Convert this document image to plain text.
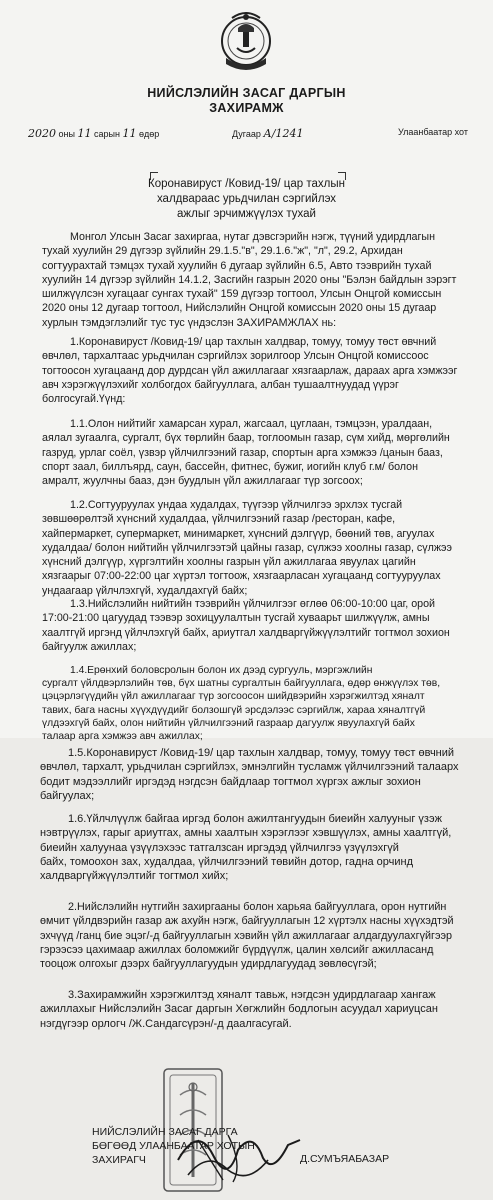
НИЙСЛЭЛИЙН ЗАСАГ ДАРГЫН
ЗАХИРАМЖ
2020 оны 11 сарын 11 өдөр	Дугаар А/1241	Улаанбаатар хот
Коронавируст /Ковид-19/ цар тахлын
халдвараас урьдчилан сэргийлэх
ажлыг эрчимжүүлэх тухай
Монгол Улсын Засаг захиргаа, нутаг дэвсгэрийн нэгж, түүний удирдлагын
тухай хуулийн 29 дүгээр зүйлийн 29.1.5."в", 29.1.6."ж", "л", 29.2, Архидан
согтуурахтай тэмцэх тухай хуулийн 6 дугаар зүйлийн 6.5, Авто тээврийн тухай
хуулийн 14 дүгээр зүйлийн 14.1.2, Засгийн газрын 2020 оны "Бэлэн байдлын зэрэгт
шилжүүлсэн хугацааг сунгах тухай" 159 дүгээр тогтоол, Улсын Онцгой комиссын
2020 оны 12 дугаар тогтоол, Нийслэлийн Онцгой комиссын 2020 оны 15 дугаар
хурлын тэмдэглэлийг тус тус үндэслэн ЗАХИРАМЖЛАХ нь:
1.Коронавируст /Ковид-19/ цар тахлын халдвар, томуу, томуу төст өвчний
өвчлөл, тархалтаас урьдчилан сэргийлэх зорилгоор Улсын Онцгой комиссоос
тогтоосон хугацаанд дор дурдсан үйл ажиллагааг хязгаарлаж, дараах арга хэмжээг
авч хэрэгжүүлэхийг холбогдох байгууллага, албан тушаалтнуудад үүрэг
болгосугай.Үүнд:
1.1.Олон нийтийг хамарсан хурал, жагсаал, цуглаан, тэмцээн, уралдаан,
аялал зугаалга, сургалт, бүх төрлийн баар, тоглоомын газар, сүм хийд, мөргөлийн
газруд, урлаг соёл, үзвэр үйлчилгээний газар, спортын арга хэмжээ /цанын бааз,
спорт заал, биллъярд, саун, бассейн, фитнес, бужиг, иогийн клуб г.м/ болон
амралт, жуулчны бааз, дэн буудлын үйл ажиллагааг түр зогсоох;
1.2.Согтууруулах ундаа худалдах, түүгээр үйлчилгээ эрхлэх тусгай
зөвшөөрөлтэй хүнсний худалдаа, үйлчилгээний газар /ресторан, кафе,
хайпермаркет, супермаркет, минимаркет, хүнсний дэлгүүр, бөөний төв, агуулах
худалдаа/ болон нийтийн үйлчилгээтэй цайны газар, сүлжээ хоолны газар, сүлжээ
хүнсний дэлгүүр, хүргэлтийн хоолны газрын үйл ажиллагаа явуулах цагийн
хязгаарыг 07:00-22:00 цаг хүртэл тогтоож, хязгаарласан хугацаанд согтууруулах
ундаагаар үйлчлэхгүй, худалдахгүй байх;
1.3.Нийслэлийн нийтийн тээврийн үйлчилгээг өглөө 06:00-10:00 цаг, орой
17:00-21:00 цагуудад тээвэр зохицуулалтын тусгай хуваарьт шилжүүлж, амны
хаалтгүй иргэнд үйлчлэхгүй байх, ариутгал халдваргүйжүүлэлтийг тогтмол зохион
байгуулж ажиллах;
1.4.Ерөнхий боловсролын болон их дээд сургууль, мэргэжлийн
сургалт үйлдвэрлэлийн төв, бүх шатны сургалтын байгууллага, өдөр өнжүүлэх төв,
цэцэрлэгүүдийн үйл ажиллагааг түр зогсоосон шийдвэрийн хэрэгжилтэд хяналт
тавих, бага насны хүүхдүүдийг болзошгүй эрсдэлээс сэргийлж, хараа хяналтгүй
үлдээхгүй байх, олон нийтийн үйлчилгээний газраар дагуулж явуулахгүй байх
талаар арга хэмжээ авч ажиллах;
1.5.Коронавируст /Ковид-19/ цар тахлын халдвар, томуу, томуу төст өвчний
өвчлөл, тархалт, урьдчилан сэргийлэх, эмнэлгийн тусламж үйлчилгээний талаарх
бодит мэдээллийг иргэдэд нэгдсэн байдлаар тогтмол хүргэх ажлыг зохион
байгуулах;
1.6.Үйлчлүүлж байгаа иргэд болон ажилтангуудын биеийн халууныг үзэж
нэвтрүүлэх, гарыг ариутгах, амны хаалтын хэрэглээг хэвшүүлэх, амны хаалтгүй,
биеийн халуунаа үзүүлэхээс татгалзсан иргэдэд үйлчилгээ үзүүлэхгүй
байх, томоохон зах, худалдаа, үйлчилгээний төвийн дотор, гадна орчинд
халдваргүйжүүлэлтийг тогтмол хийх;
2.Нийслэлийн нутгийн захиргааны болон харьяа байгууллага, орон нутгийн
өмчит үйлдвэрийн газар аж ахуйн нэгж, байгууллагын 12 хүртэлх насны хүүхэдтэй
эхчүүд /ганц бие эцэг/-д байгууллагын хэвийн үйл ажиллагааг алдагдуулахгүйгээр
гэрээсээ цахимаар ажиллах боломжийг бүрдүүлж, цалин хөлсийг ажилласанд
тооцож олгохыг дээрх байгууллагуудын удирдлагуудад зөвлөсүгэй;
3.Захирамжийн хэрэгжилтэд хяналт тавьж, нэгдсэн удирдлагаар хангаж
ажиллахыг Нийслэлийн Засаг даргын Хөгжлийн бодлогын асуудал хариуцсан
нэгдүгээр орлогч /Ж.Сандагсүрэн/-д даалгасугай.
НИЙСЛЭЛИЙН ЗАСАГ ДАРГА
БӨГӨӨД УЛААНБААТАР ХОТЫН
ЗАХИРАГЧ	Д.СУМЪЯАБАЗАР
